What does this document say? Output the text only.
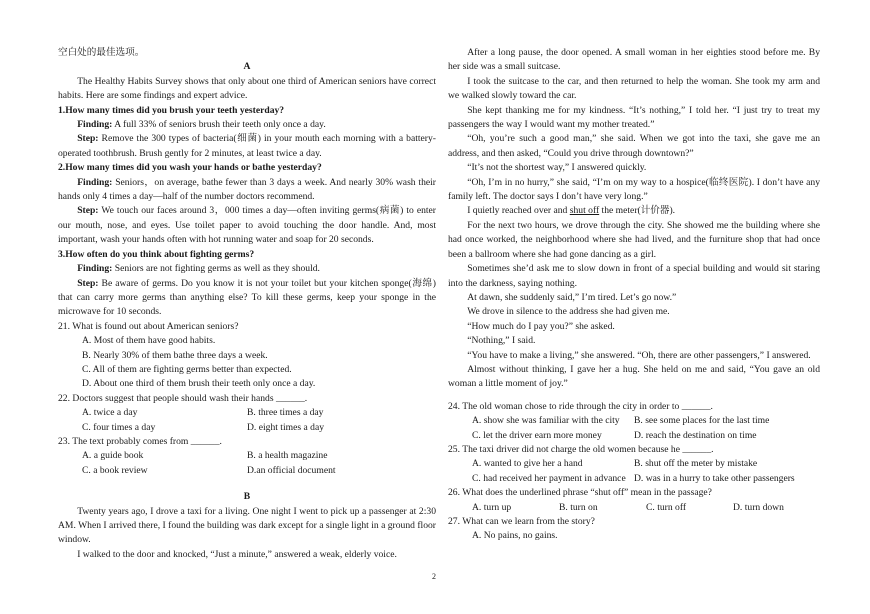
空白处的最佳选项。

A

The Healthy Habits Survey shows that only about one third of American seniors have correct habits. Here are some findings and expert advice.

1.How many times did you brush your teeth yesterday?

Finding: A full 33% of seniors brush their teeth only once a day.

Step: Remove the 300 types of bacteria(细菌) in your mouth each morning with a battery-operated toothbrush. Brush gently for 2 minutes, at least twice a day.

2.How many times did you wash your hands or bathe yesterday?

Finding: Seniors，on average, bathe fewer than 3 days a week. And nearly 30% wash their hands only 4 times a day—half of the number doctors recommend.

Step: We touch our faces around 3，000 times a day—often inviting germs(病菌) to enter our mouth, nose, and eyes. Use toilet paper to avoid touching the door handle. And, most important, wash your hands often with hot running water and soap for 20 seconds.

3.How often do you think about fighting germs?

Finding: Seniors are not fighting germs as well as they should.

Step: Be aware of germs. Do you know it is not your toilet but your kitchen sponge(海绵) that can carry more germs than anything else? To kill these germs, keep your sponge in the microwave for 10 seconds.

21. What is found out about American seniors?

A. Most of them have good habits.

B. Nearly 30% of them bathe three days a week.

C. All of them are fighting germs better than expected.

D. About one third of them brush their teeth only once a day.

22. Doctors suggest that people should wash their hands ______.

A. twice a day	B. three times a day
C. four times a day	D. eight times a day

23. The text probably comes from ______.

A. a guide book	B. a health magazine
C. a book review	D.an official document

B

Twenty years ago, I drove a taxi for a living. One night I went to pick up a passenger at 2:30 AM. When I arrived there, I found the building was dark except for a single light in a ground floor window.

I walked to the door and knocked, “Just a minute,” answered a weak, elderly voice.

After a long pause, the door opened. A small woman in her eighties stood before me. By her side was a small suitcase.

I took the suitcase to the car, and then returned to help the woman. She took my arm and we walked slowly toward the car.

She kept thanking me for my kindness. “It’s nothing,” I told her. “I just try to treat my passengers the way I would want my mother treated.”

“Oh, you’re such a good man,” she said. When we got into the taxi, she gave me an address, and then asked, “Could you drive through downtown?”

“It’s not the shortest way,” I answered quickly.

“Oh, I’m in no hurry,” she said, “I’m on my way to a hospice(临终医院). I don’t have any family left. The doctor says I don’t have very long.”

I quietly reached over and shut off the meter(计价器).

For the next two hours, we drove through the city. She showed me the building where she had once worked, the neighborhood where she had lived, and the furniture shop that had once been a ballroom where she had gone dancing as a girl.

Sometimes she’d ask me to slow down in front of a special building and would sit staring into the darkness, saying nothing.

At dawn, she suddenly said,” I’m tired. Let’s go now.”

We drove in silence to the address she had given me.

“How much do I pay you?” she asked.

“Nothing,” I said.

“You have to make a living,” she answered. “Oh, there are other passengers,” I answered.

Almost without thinking, I gave her a hug. She held on me and said, “You gave an old woman a little moment of joy.”

24. The old woman chose to ride through the city in order to ______.

A. show she was familiar with the city	B. see some places for the last time
C. let the driver earn more money	D. reach the destination on time

25. The taxi driver did not charge the old women because he ______.

A. wanted to give her a hand	B. shut off the meter by mistake
C. had received her payment in advance D. was in a hurry to take other passengers

26. What does the underlined phrase “shut off” mean in the passage?

A. turn up	B. turn on	C. turn off	D. turn down

27. What can we learn from the story?

A. No pains, no gains.

2
